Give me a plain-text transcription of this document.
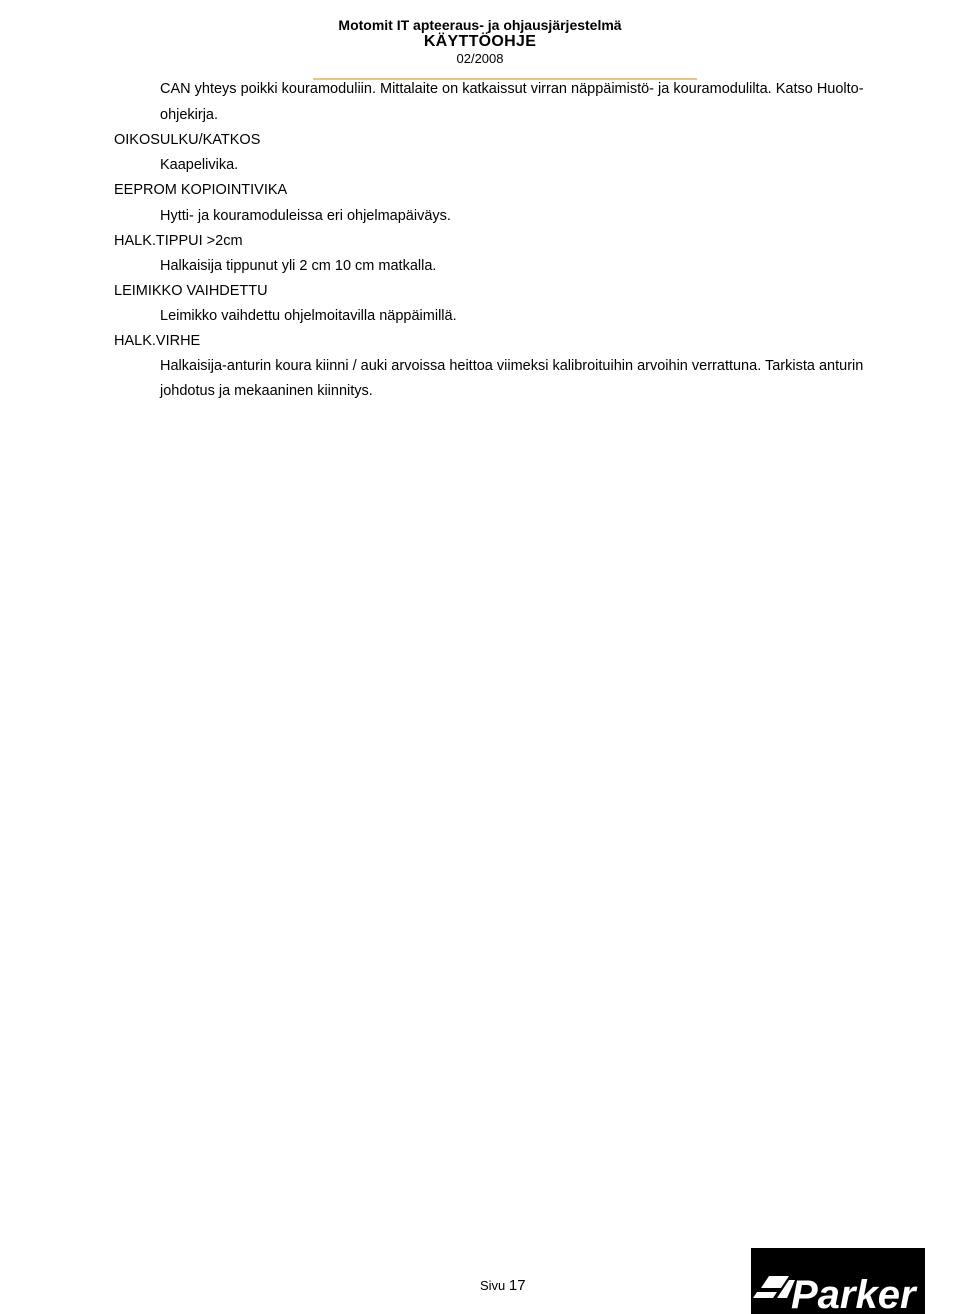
Motomit IT apteeraus- ja ohjausjärjestelmä
KÄYTTÖOHJE
02/2008
CAN yhteys poikki kouramoduliin. Mittalaite on katkaissut virran näppäimistö- ja kouramodulilta. Katso Huolto-
ohjekirja.
OIKOSULKU/KATKOS
Kaapelivika.
EEPROM KOPIOINTIVIKA
Hytti- ja kouramoduleissa eri ohjelmapäiväys.
HALK.TIPPUI >2cm
Halkaisija tippunut yli 2 cm 10 cm matkalla.
LEIMIKKO VAIHDETTU
Leimikko vaihdettu ohjelmoitavilla näppäimillä.
HALK.VIRHE
Halkaisija-anturin koura kiinni / auki arvoissa heittoa viimeksi kalibroituihin arvoihin verrattuna. Tarkista anturin
johdotus ja mekaaninen kiinnitys.
Sivu 17	Parker
